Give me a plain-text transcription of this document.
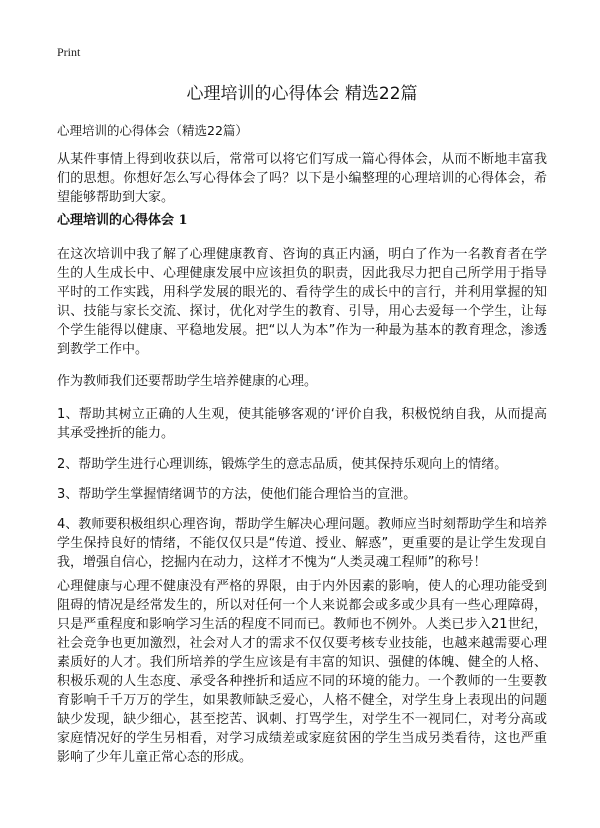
Print
心理培训的心得体会 精选22篇

心理培训的心得体会（精选22篇）

从某件事情上得到收获以后，常常可以将它们写成一篇心得体会，从而不断地丰富我们的思想。你想好怎么写心得体会了吗？以下是小编整理的心理培训的心得体会，希望能够帮助到大家。

心理培训的心得体会 1

在这次培训中我了解了心理健康教育、咨询的真正内涵，明白了作为一名教育者在学生的人生成长中、心理健康发展中应该担负的职责，因此我尽力把自己所学用于指导平时的工作实践，用科学发展的眼光的、看待学生的成长中的言行，并利用掌握的知识、技能与家长交流、探讨，优化对学生的教育、引导，用心去爱每一个学生，让每个学生能得以健康、平稳地发展。把“以人为本”作为一种最为基本的教育理念，渗透到教学工作中。

作为教师我们还要帮助学生培养健康的心理。

1、帮助其树立正确的人生观，使其能够客观的‘评价自我，积极悦纳自我，从而提高其承受挫折的能力。

2、帮助学生进行心理训练，锻炼学生的意志品质，使其保持乐观向上的情绪。

3、帮助学生掌握情绪调节的方法，使他们能合理恰当的宣泄。

4、教师要积极组织心理咨询，帮助学生解决心理问题。教师应当时刻帮助学生和培养学生保持良好的情绪，不能仅仅只是“传道、授业、解惑”，更重要的是让学生发现自我，增强自信心，挖掘内在动力，这样才不愧为“人类灵魂工程师”的称号！

心理健康与心理不健康没有严格的界限，由于内外因素的影响，使人的心理功能受到阻碍的情况是经常发生的，所以对任何一个人来说都会或多或少具有一些心理障碍，只是严重程度和影响学习生活的程度不同而已。教师也不例外。人类已步入21世纪，社会竞争也更加激烈，社会对人才的需求不仅仅要考核专业技能，也越来越需要心理素质好的人才。我们所培养的学生应该是有丰富的知识、强健的体魄、健全的人格、积极乐观的人生态度、承受各种挫折和适应不同的环境的能力。一个教师的一生要教育影响千千万万的学生，如果教师缺乏爱心，人格不健全，对学生身上表现出的问题缺少发现，缺少细心，甚至挖苦、讽刺、打骂学生，对学生不一视同仁，对考分高或家庭情况好的学生另相看，对学习成绩差或家庭贫困的学生当成另类看待，这也严重影响了少年儿童正常心态的形成。
